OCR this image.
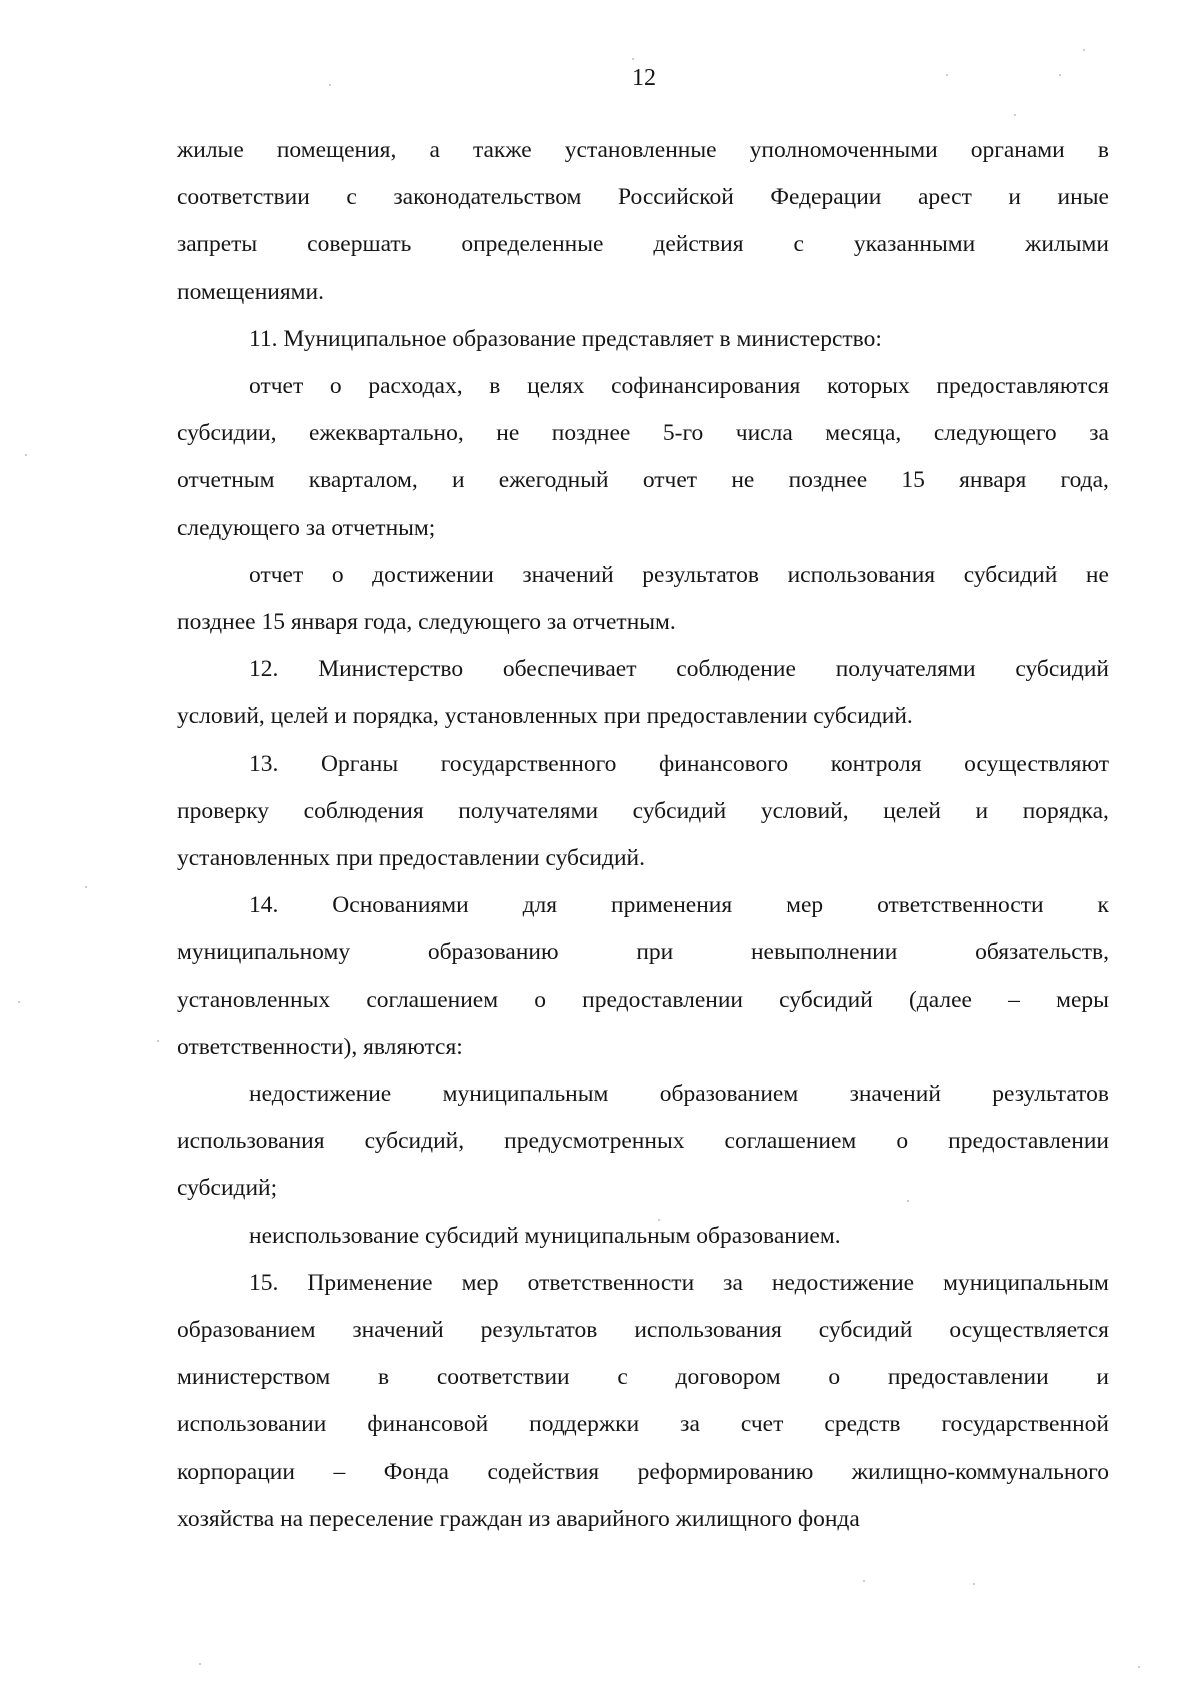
12
жилые помещения, а также установленные уполномоченными органами в
соответствии с законодательством Российской Федерации арест и иные
запреты совершать определенные действия с указанными жилыми
помещениями.
11. Муниципальное образование представляет в министерство:
отчет о расходах, в целях софинансирования которых предоставляются
субсидии, ежеквартально, не позднее 5-го числа месяца, следующего за
отчетным кварталом, и ежегодный отчет не позднее 15 января года,
следующего за отчетным;
отчет о достижении значений результатов использования субсидий не
позднее 15 января года, следующего за отчетным.
12. Министерство обеспечивает соблюдение получателями субсидий
условий, целей и порядка, установленных при предоставлении субсидий.
13. Органы государственного финансового контроля осуществляют
проверку соблюдения получателями субсидий условий, целей и порядка,
установленных при предоставлении субсидий.
14. Основаниями для применения мер ответственности к
муниципальному	образованию	при	невыполнении	обязательств,
установленных соглашением о предоставлении субсидий (далее – меры
ответственности), являются:
недостижение муниципальным образованием значений результатов
использования субсидий, предусмотренных соглашением о предоставлении
субсидий;
неиспользование субсидий муниципальным образованием.
15. Применение мер ответственности за недостижение муниципальным
образованием значений результатов использования субсидий осуществляется
министерством в соответствии с договором о предоставлении и
использовании финансовой поддержки за счет средств государственной
корпорации – Фонда содействия реформированию жилищно-коммунального
хозяйства на переселение граждан из аварийного жилищного фонда
